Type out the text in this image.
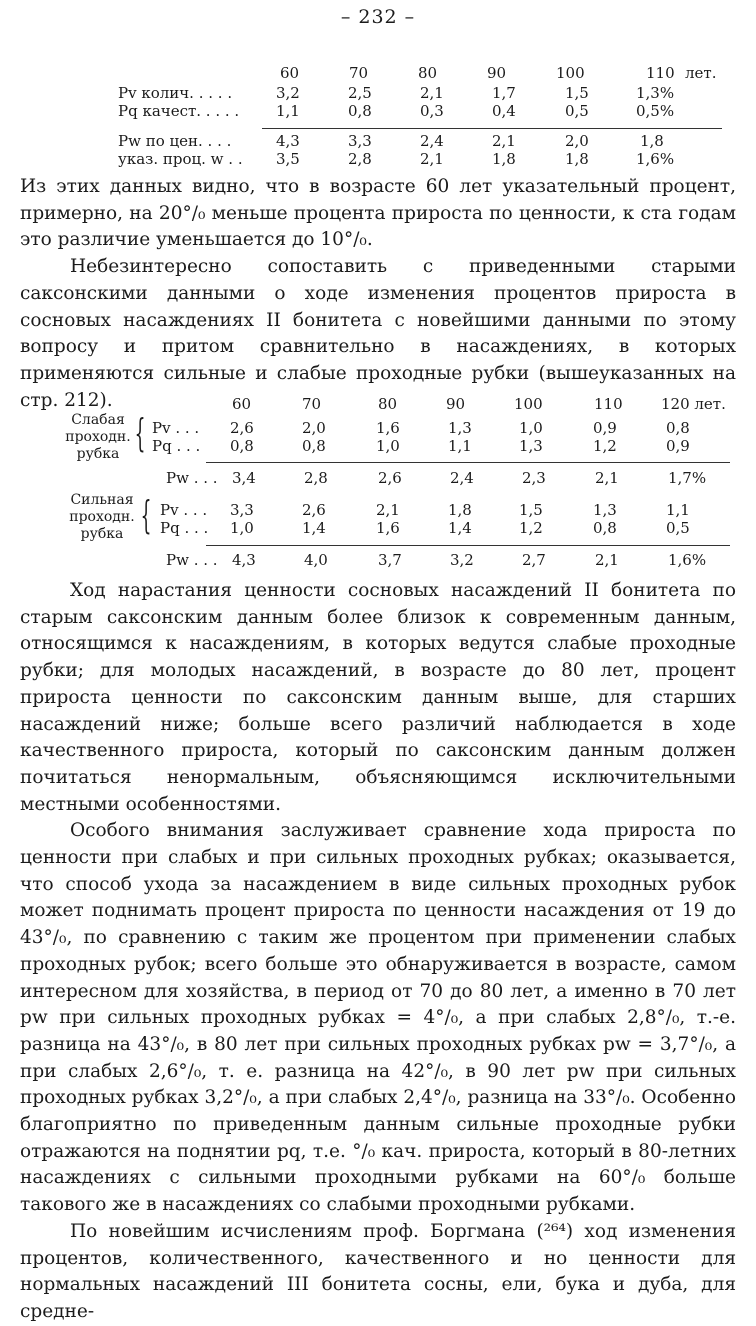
– 232 –
60	70	80	90	100	110 лет.
Pv колич. . . . .	3,2	2,5	2,1	1,7	1,5	1,3%
Pq качест. . . . . 1,1	0,8	0,3	0,4	0,5	0,5%
Pw по цен. . . .	4,3	3,3	2,4	2,1	2,0	1,8
указ. проц. w . . 3,5	2,8	2,1	1,8	1,8	1,6%

Из этих данных видно, что в возрасте 60 лет указательный процент, примерно, на 20°/₀ меньше процента прироста по ценности, к ста годам это различие уменьшается до 10°/₀.

Небезинтересно сопоставить с приведенными старыми саксонскими данными о ходе изменения процентов прироста в сосновых насаждениях II бонитета с новейшими данными по этому вопросу и притом сравнительно в насаждениях, в которых применяются сильные и слабые проходные рубки (вышеуказанных на стр. 212).	60	70	80	90	100	110	120 лет.
Слабая
проходн.
рубка { Pv . . . 2,6	2,0	1,6	1,3	1,0	0,9	0,8
Pq . . . 0,8	0,8	1,0	1,1	1,3	1,2	0,9
Pw . . . 3,4	2,8	2,6	2,4	2,3	2,1	1,7%
Сильная
проходн.
рубка { Pv . . . 3,3	2,6	2,1	1,8	1,5	1,3	1,1
Pq . . . 1,0	1,4	1,6	1,4	1,2	0,8	0,5
Pw . . . 4,3	4,0	3,7	3,2	2,7	2,1	1,6%

Ход нарастания ценности сосновых насаждений II бонитета по старым саксонским данным более близок к современным данным, относящимся к насаждениям, в которых ведутся слабые проходные рубки; для молодых насаждений, в возрасте до 80 лет, процент прироста ценности по саксонским данным выше, для старших насаждений ниже; больше всего различий наблюдается в ходе качественного прироста, который по саксонским данным должен почитаться ненормальным, объясняющимся исключительными местными особенностями.

Особого внимания заслуживает сравнение хода прироста по ценности при слабых и при сильных проходных рубках; оказывается, что способ ухода за насаждением в виде сильных проходных рубок может поднимать процент прироста по ценности насаждения от 19 до 43°/₀, по сравнению с таким же процентом при применении слабых проходных рубок; всего больше это обнаруживается в возрасте, самом интересном для хозяйства, в период от 70 до 80 лет, а именно в 70 лет pw при сильных проходных рубках = 4°/₀, а при слабых 2,8°/₀, т.-е. разница на 43°/₀, в 80 лет при сильных проходных рубках pw = 3,7°/₀, а при слабых 2,6°/₀, т. е. разница на 42°/₀, в 90 лет pw при сильных проходных рубках 3,2°/₀, а при слабых 2,4°/₀, разница на 33°/₀. Особенно благоприятно по приведенным данным сильные проходные рубки отражаются на поднятии pq, т.е. °/₀ кач. прироста, который в 80-летних насаждениях с сильными проходными рубками на 60°/₀ больше такового же в насаждениях со слабыми проходными рубками.

По новейшим исчислениям проф. Боргмана (²⁶⁴) ход изменения процентов, количественного, качественного и но ценности для нормальных насаждений III бонитета сосны, ели, бука и дуба, для средне-
